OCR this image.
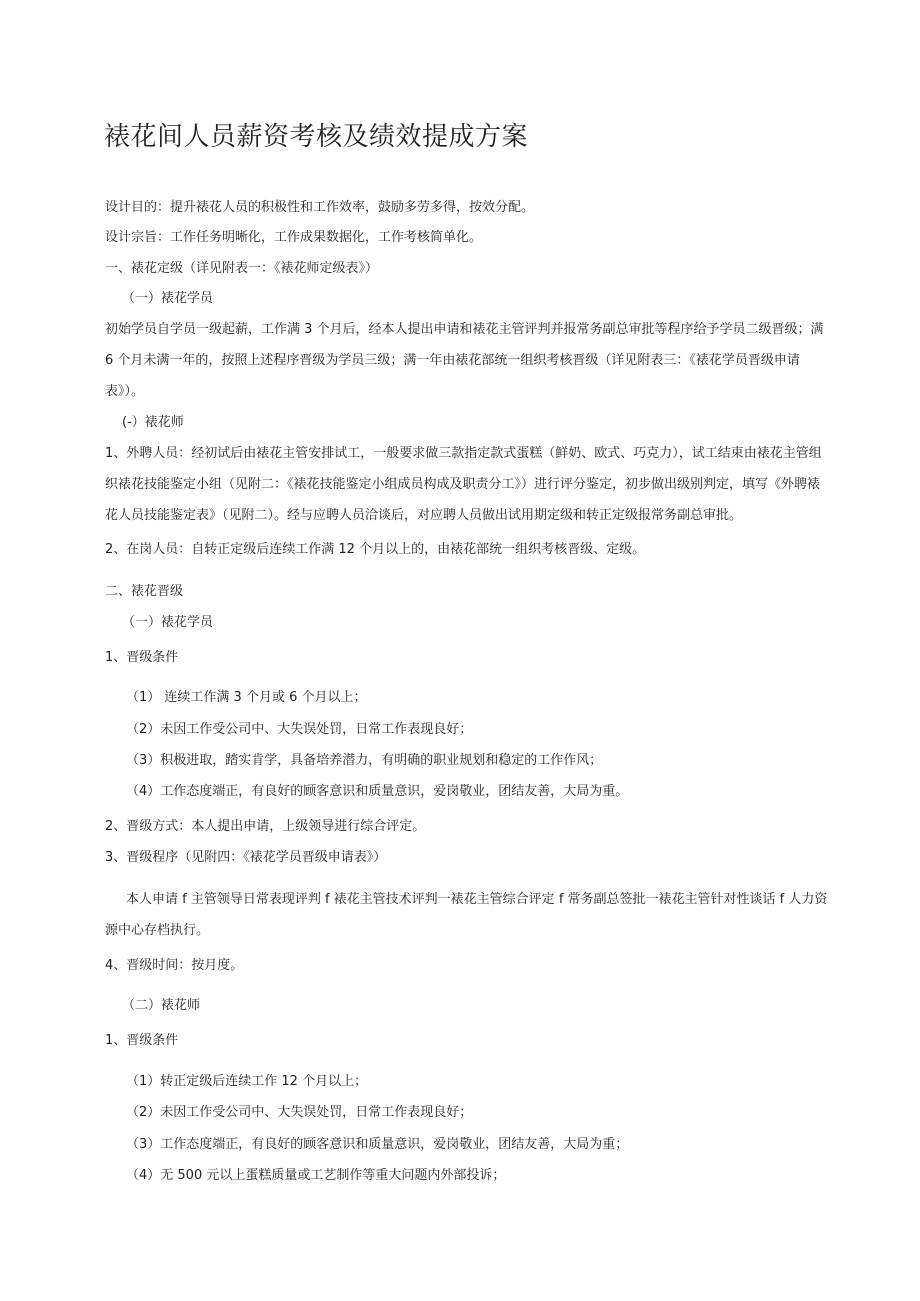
裱花间人员薪资考核及绩效提成方案
设计目的：提升裱花人员的积极性和工作效率，鼓励多劳多得，按效分配。
设计宗旨：工作任务明晰化，工作成果数据化，工作考核简单化。
一、裱花定级（详见附表一：《裱花师定级表》）
（一）裱花学员
初始学员自学员一级起薪，工作满 3 个月后，经本人提出申请和裱花主管评判并报常务副总审批等程序给予学员二级晋级；满
6 个月未满一年的，按照上述程序晋级为学员三级；满一年由裱花部统一组织考核晋级（详见附表三：《裱花学员晋级申请
表》）。
(-）裱花师
1、外聘人员：经初试后由裱花主管安排试工，一般要求做三款指定款式蛋糕（鲜奶、欧式、巧克力），试工结束由裱花主管组
织裱花技能鉴定小组（见附二：《裱花技能鉴定小组成员构成及职责分工》）进行评分鉴定，初步做出级别判定，填写《外聘裱
花人员技能鉴定表》（见附二）。经与应聘人员洽谈后，对应聘人员做出试用期定级和转正定级报常务副总审批。
2、在岗人员：自转正定级后连续工作满 12 个月以上的，由裱花部统一组织考核晋级、定级。
二、裱花晋级
（一）裱花学员
1、晋级条件
（1） 连续工作满 3 个月或 6 个月以上；
（2）未因工作受公司中、大失误处罚，日常工作表现良好；
（3）积极进取，踏实肯学，具备培养潜力，有明确的职业规划和稳定的工作作风；
（4）工作态度端正，有良好的顾客意识和质量意识，爱岗敬业，团结友善，大局为重。
2、晋级方式：本人提出申请，上级领导进行综合评定。
3、晋级程序（见附四：《裱花学员晋级申请表》）
本人申请 f 主管领导日常表现评判 f 裱花主管技术评判一裱花主管综合评定 f 常务副总签批一裱花主管针对性谈话 f 人力资
源中心存档执行。
4、晋级时间：按月度。
（二）裱花师
1、晋级条件
（1）转正定级后连续工作 12 个月以上；
（2）未因工作受公司中、大失误处罚，日常工作表现良好；
（3）工作态度端正，有良好的顾客意识和质量意识，爱岗敬业，团结友善，大局为重；
（4）无 500 元以上蛋糕质量或工艺制作等重大问题内外部投诉；
